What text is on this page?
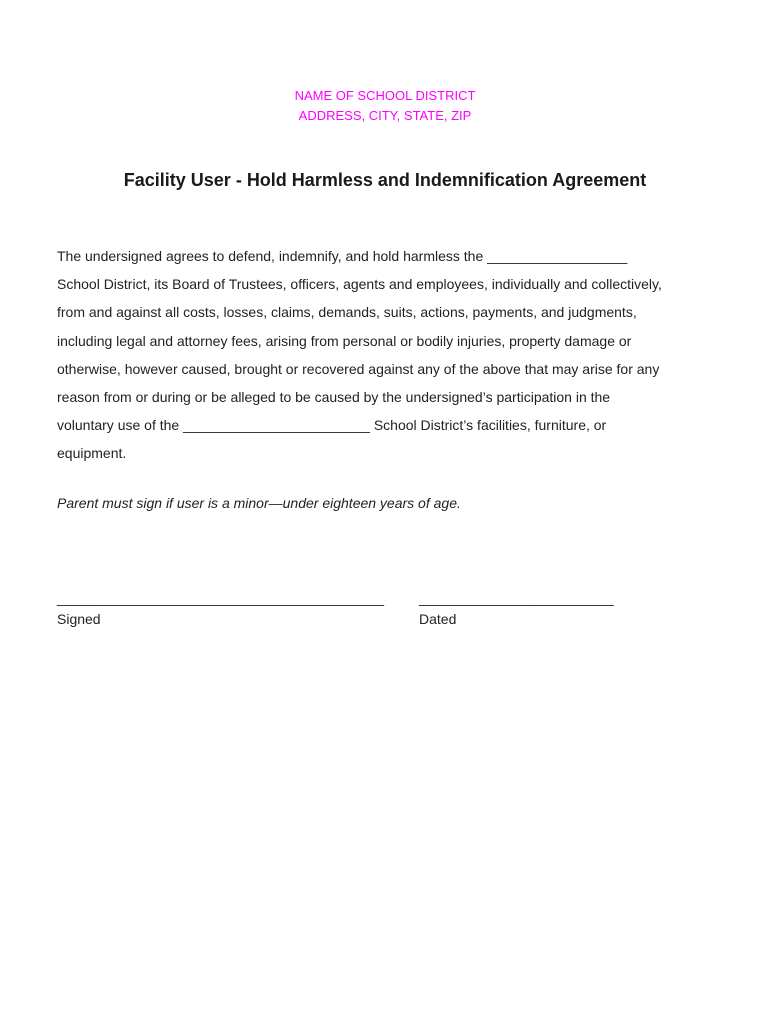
NAME OF SCHOOL DISTRICT
ADDRESS, CITY, STATE, ZIP
Facility User - Hold Harmless and Indemnification Agreement
The undersigned agrees to defend, indemnify, and hold harmless the __________________
School District, its Board of Trustees, officers, agents and employees, individually and collectively,
from and against all costs, losses, claims, demands, suits, actions, payments, and judgments,
including legal and attorney fees, arising from personal or bodily injuries, property damage or
otherwise, however caused, brought or recovered against any of the above that may arise for any
reason from or during or be alleged to be caused by the undersigned’s participation in the
voluntary use of the ________________________ School District’s facilities, furniture, or
equipment.
Parent must sign if user is a minor—under eighteen years of age.
__________________________________________
Signed
_________________________
Dated
